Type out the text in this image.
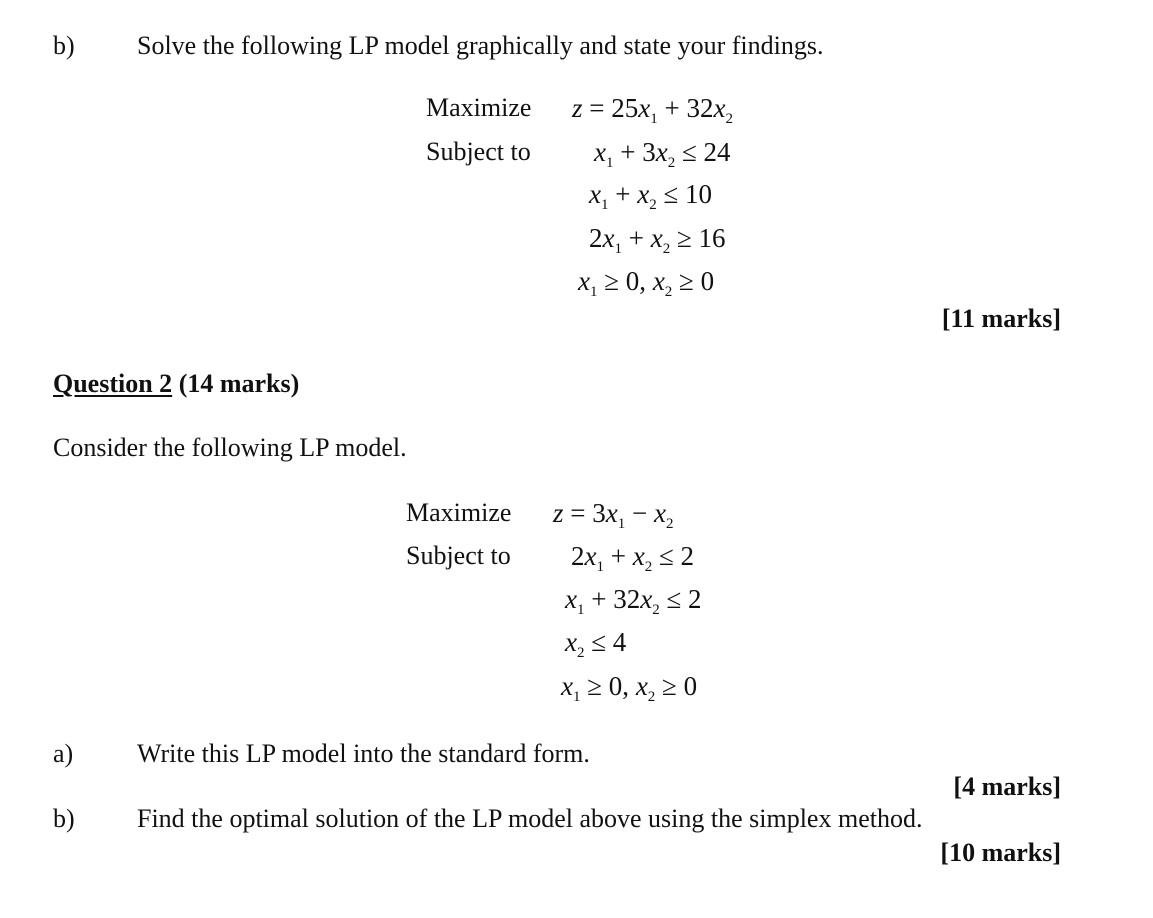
b) Solve the following LP model graphically and state your findings.
Maximize $z = 25x_1 + 32x_2$
Subject to $x_1 + 3x_2 \le 24$
$x_1 + x_2 \le 10$
$2x_1 + x_2 \ge 16$
$x_1 \ge 0$, $x_2 \ge 0$
[11 marks]
Question 2 (14 marks)
Consider the following LP model.
Maximize $z = 3x_1 - x_2$
Subject to $2x_1 + x_2 \le 2$
$x_1 + 32x_2 \le 2$
$x_2 \le 4$
$x_1 \ge 0$, $x_2 \ge 0$
a) Write this LP model into the standard form.
[4 marks]
b) Find the optimal solution of the LP model above using the simplex method.
[10 marks]
